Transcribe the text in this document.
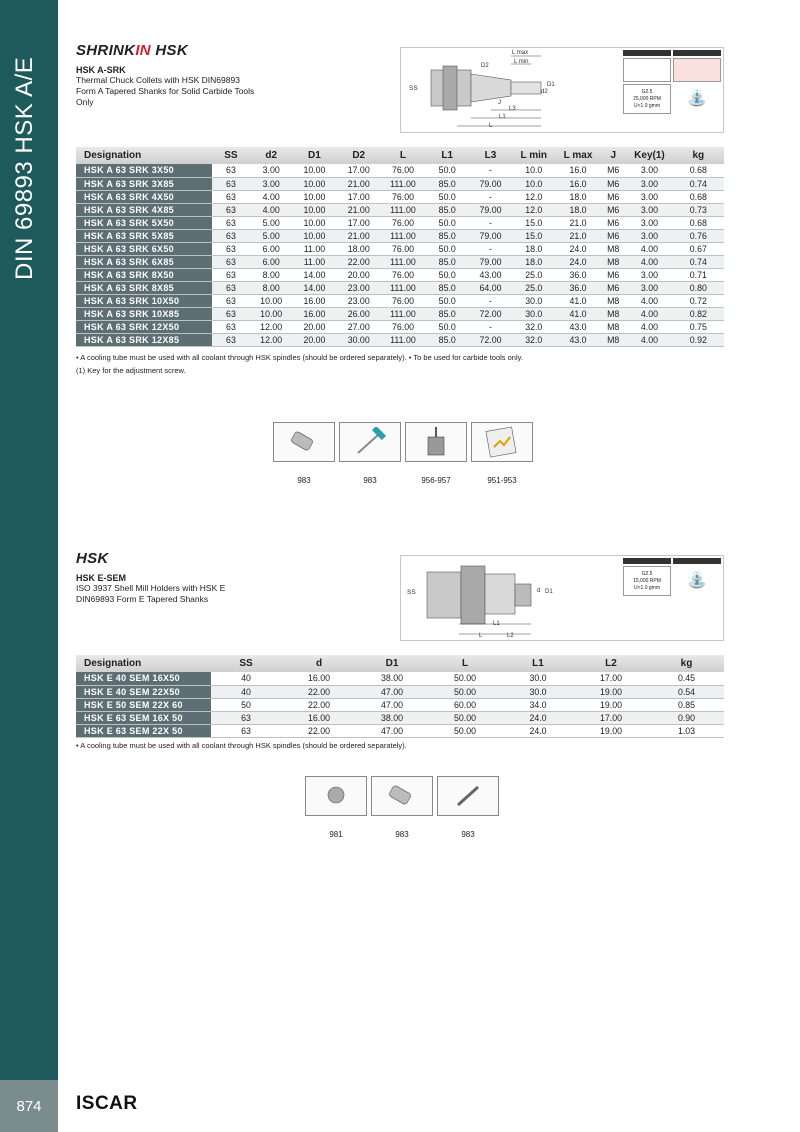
DIN 69893 HSK A/E
874	ISCAR
SHRINKIN HSK
HSK A-SRK
Thermal Chuck Collets with HSK DIN69893 Form A Tapered Shanks for Solid Carbide Tools Only
SS
L max
L min
D2
D1
d2
J
L3
L1
L
G2.5
25,000 RPM
U<1.0 gmm	⛲
Designation	SS	d2	D1	D2	L	L1	L3	L min	L max	J	Key(1)	kg
HSK A 63 SRK 3X50	63	3.00	10.00	17.00	76.00	50.0	-	10.0	16.0	M6	3.00	0.68
HSK A 63 SRK 3X85	63	3.00	10.00	21.00	111.00	85.0	79.00	10.0	16.0	M6	3.00	0.74
HSK A 63 SRK 4X50	63	4.00	10.00	17.00	76.00	50.0	-	12.0	18.0	M6	3.00	0.68
HSK A 63 SRK 4X85	63	4.00	10.00	21.00	111.00	85.0	79.00	12.0	18.0	M6	3.00	0.73
HSK A 63 SRK 5X50	63	5.00	10.00	17.00	76.00	50.0	-	15.0	21.0	M6	3.00	0.68
HSK A 63 SRK 5X85	63	5.00	10.00	21.00	111.00	85.0	79.00	15.0	21.0	M6	3.00	0.76
HSK A 63 SRK 6X50	63	6.00	11.00	18.00	76.00	50.0	-	18.0	24.0	M8	4.00	0.67
HSK A 63 SRK 6X85	63	6.00	11.00	22.00	111.00	85.0	79.00	18.0	24.0	M8	4.00	0.74
HSK A 63 SRK 8X50	63	8.00	14.00	20.00	76.00	50.0	43.00	25.0	36.0	M6	3.00	0.71
HSK A 63 SRK 8X85	63	8.00	14.00	23.00	111.00	85.0	64.00	25.0	36.0	M6	3.00	0.80
HSK A 63 SRK 10X50	63	10.00	16.00	23.00	76.00	50.0	-	30.0	41.0	M8	4.00	0.72
HSK A 63 SRK 10X85	63	10.00	16.00	26.00	111.00	85.0	72.00	30.0	41.0	M8	4.00	0.82
HSK A 63 SRK 12X50	63	12.00	20.00	27.00	76.00	50.0	-	32.0	43.0	M8	4.00	0.75
HSK A 63 SRK 12X85	63	12.00	20.00	30.00	111.00	85.0	72.00	32.0	43.0	M8	4.00	0.92
• A cooling tube must be used with all coolant through HSK spindles (should be ordered separately). • To be used for carbide tools only.
(1) Key for the adjustment screw.
983	983	956-957	951-953
HSK
HSK E-SEM
ISO 3937 Shell Mill Holders with HSK E DIN69893 Form E Tapered Shanks
SS	d D1
L1
L	L2
G2.5
15,000 RPM
U<1.0 gmm	⛲
Designation	SS	d	D1	L	L1	L2	kg
HSK E 40 SEM 16X50	40	16.00	38.00	50.00	30.0	17.00	0.45
HSK E 40 SEM 22X50	40	22.00	47.00	50.00	30.0	19.00	0.54
HSK E 50 SEM 22X 60	50	22.00	47.00	60.00	34.0	19.00	0.85
HSK E 63 SEM 16X 50	63	16.00	38.00	50.00	24.0	17.00	0.90
HSK E 63 SEM 22X 50	63	22.00	47.00	50.00	24.0	19.00	1.03
• A cooling tube must be used with all coolant through HSK spindles (should be ordered separately).
981	983	983
